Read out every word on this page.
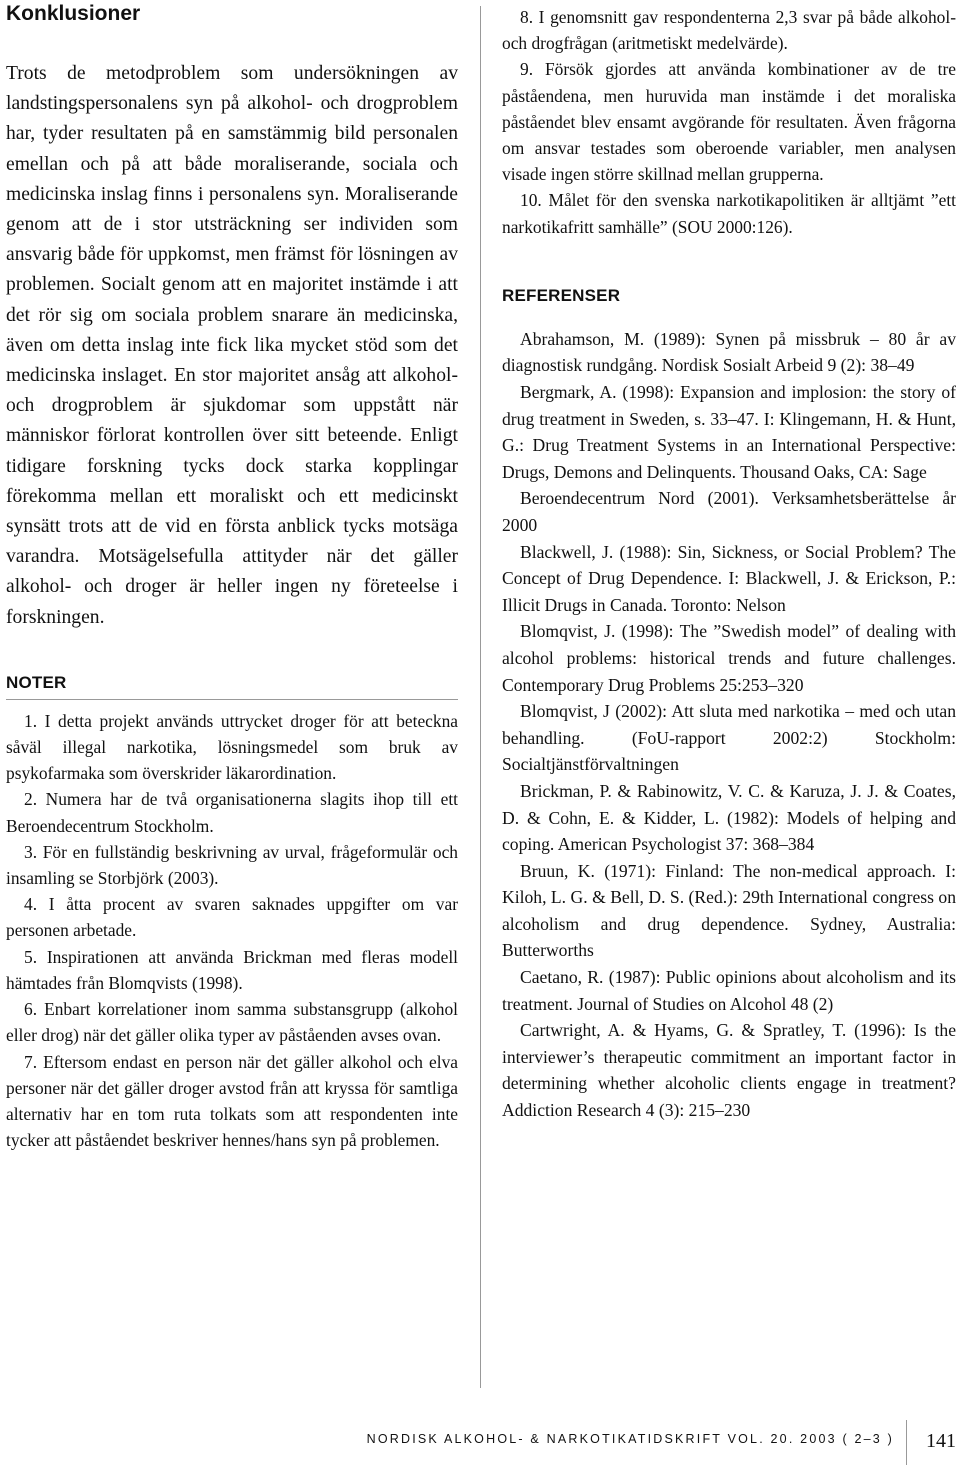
Konklusioner

Trots de metodproblem som undersökningen av landstingspersonalens syn på alkohol- och drogproblem har, tyder resultaten på en samstämmig bild personalen emellan och på att både moraliserande, sociala och medicinska inslag finns i personalens syn. Moraliserande genom att de i stor utsträckning ser individen som ansvarig både för uppkomst, men främst för lösningen av problemen. Socialt genom att en majoritet instämde i att det rör sig om sociala problem snarare än medicinska, även om detta inslag inte fick lika mycket stöd som det medicinska inslaget. En stor majoritet ansåg att alkohol- och drogproblem är sjukdomar som uppstått när människor förlorat kontrollen över sitt beteende. Enligt tidigare forskning tycks dock starka kopplingar förekomma mellan ett moraliskt och ett medicinskt synsätt trots att de vid en första anblick tycks motsäga varandra. Motsägelsefulla attityder när det gäller alkohol- och droger är heller ingen ny företeelse i forskningen.

NOTER

1. I detta projekt används uttrycket droger för att beteckna såväl illegal narkotika, lösningsmedel som bruk av psykofarmaka som överskrider läkarordination.

2. Numera har de två organisationerna slagits ihop till ett Beroendecentrum Stockholm.

3. För en fullständig beskrivning av urval, frågeformulär och insamling se Storbjörk (2003).

4. I åtta procent av svaren saknades uppgifter om var personen arbetade.

5. Inspirationen att använda Brickman med fleras modell hämtades från Blomqvists (1998).

6. Enbart korrelationer inom samma substansgrupp (alkohol eller drog) när det gäller olika typer av påståenden avses ovan.

7. Eftersom endast en person när det gäller alkohol och elva personer när det gäller droger avstod från att kryssa för samtliga alternativ har en tom ruta tolkats som att respondenten inte tycker att påståendet beskriver hennes/hans syn på problemen.

8. I genomsnitt gav respondenterna 2,3 svar på både alkohol- och drogfrågan (aritmetiskt medelvärde).

9. Försök gjordes att använda kombinationer av de tre påståendena, men huruvida man instämde i det moraliska påståendet blev ensamt avgörande för resultaten. Även frågorna om ansvar testades som oberoende variabler, men analysen visade ingen större skillnad mellan grupperna.

10. Målet för den svenska narkotikapolitiken är alltjämt ”ett narkotikafritt samhälle” (SOU 2000:126).

REFERENSER

Abrahamson, M. (1989): Synen på missbruk – 80 år av diagnostisk rundgång. Nordisk Sosialt Arbeid 9 (2): 38–49

Bergmark, A. (1998): Expansion and implosion: the story of drug treatment in Sweden, s. 33–47. I: Klingemann, H. & Hunt, G.: Drug Treatment Systems in an International Perspective: Drugs, Demons and Delinquents. Thousand Oaks, CA: Sage

Beroendecentrum Nord (2001). Verksamhetsberättelse år 2000

Blackwell, J. (1988): Sin, Sickness, or Social Problem? The Concept of Drug Dependence. I: Blackwell, J. & Erickson, P.: Illicit Drugs in Canada. Toronto: Nelson

Blomqvist, J. (1998): The ”Swedish model” of dealing with alcohol problems: historical trends and future challenges. Contemporary Drug Problems 25:253–320

Blomqvist, J (2002): Att sluta med narkotika – med och utan behandling. (FoU-rapport 2002:2) Stockholm: Socialtjänstförvaltningen

Brickman, P. & Rabinowitz, V. C. & Karuza, J. J. & Coates, D. & Cohn, E. & Kidder, L. (1982): Models of helping and coping. American Psychologist 37: 368–384

Bruun, K. (1971): Finland: The non-medical approach. I: Kiloh, L. G. & Bell, D. S. (Red.): 29th International congress on alcoholism and drug dependence. Sydney, Australia: Butterworths

Caetano, R. (1987): Public opinions about alcoholism and its treatment. Journal of Studies on Alcohol 48 (2)

Cartwright, A. & Hyams, G. & Spratley, T. (1996): Is the interviewer’s therapeutic commitment an important factor in determining whether alcoholic clients engage in treatment? Addiction Research 4 (3): 215–230

NORDISK ALKOHOL- & NARKOTIKATIDSKRIFT VOL. 20. 2003 ( 2–3 ) 141
